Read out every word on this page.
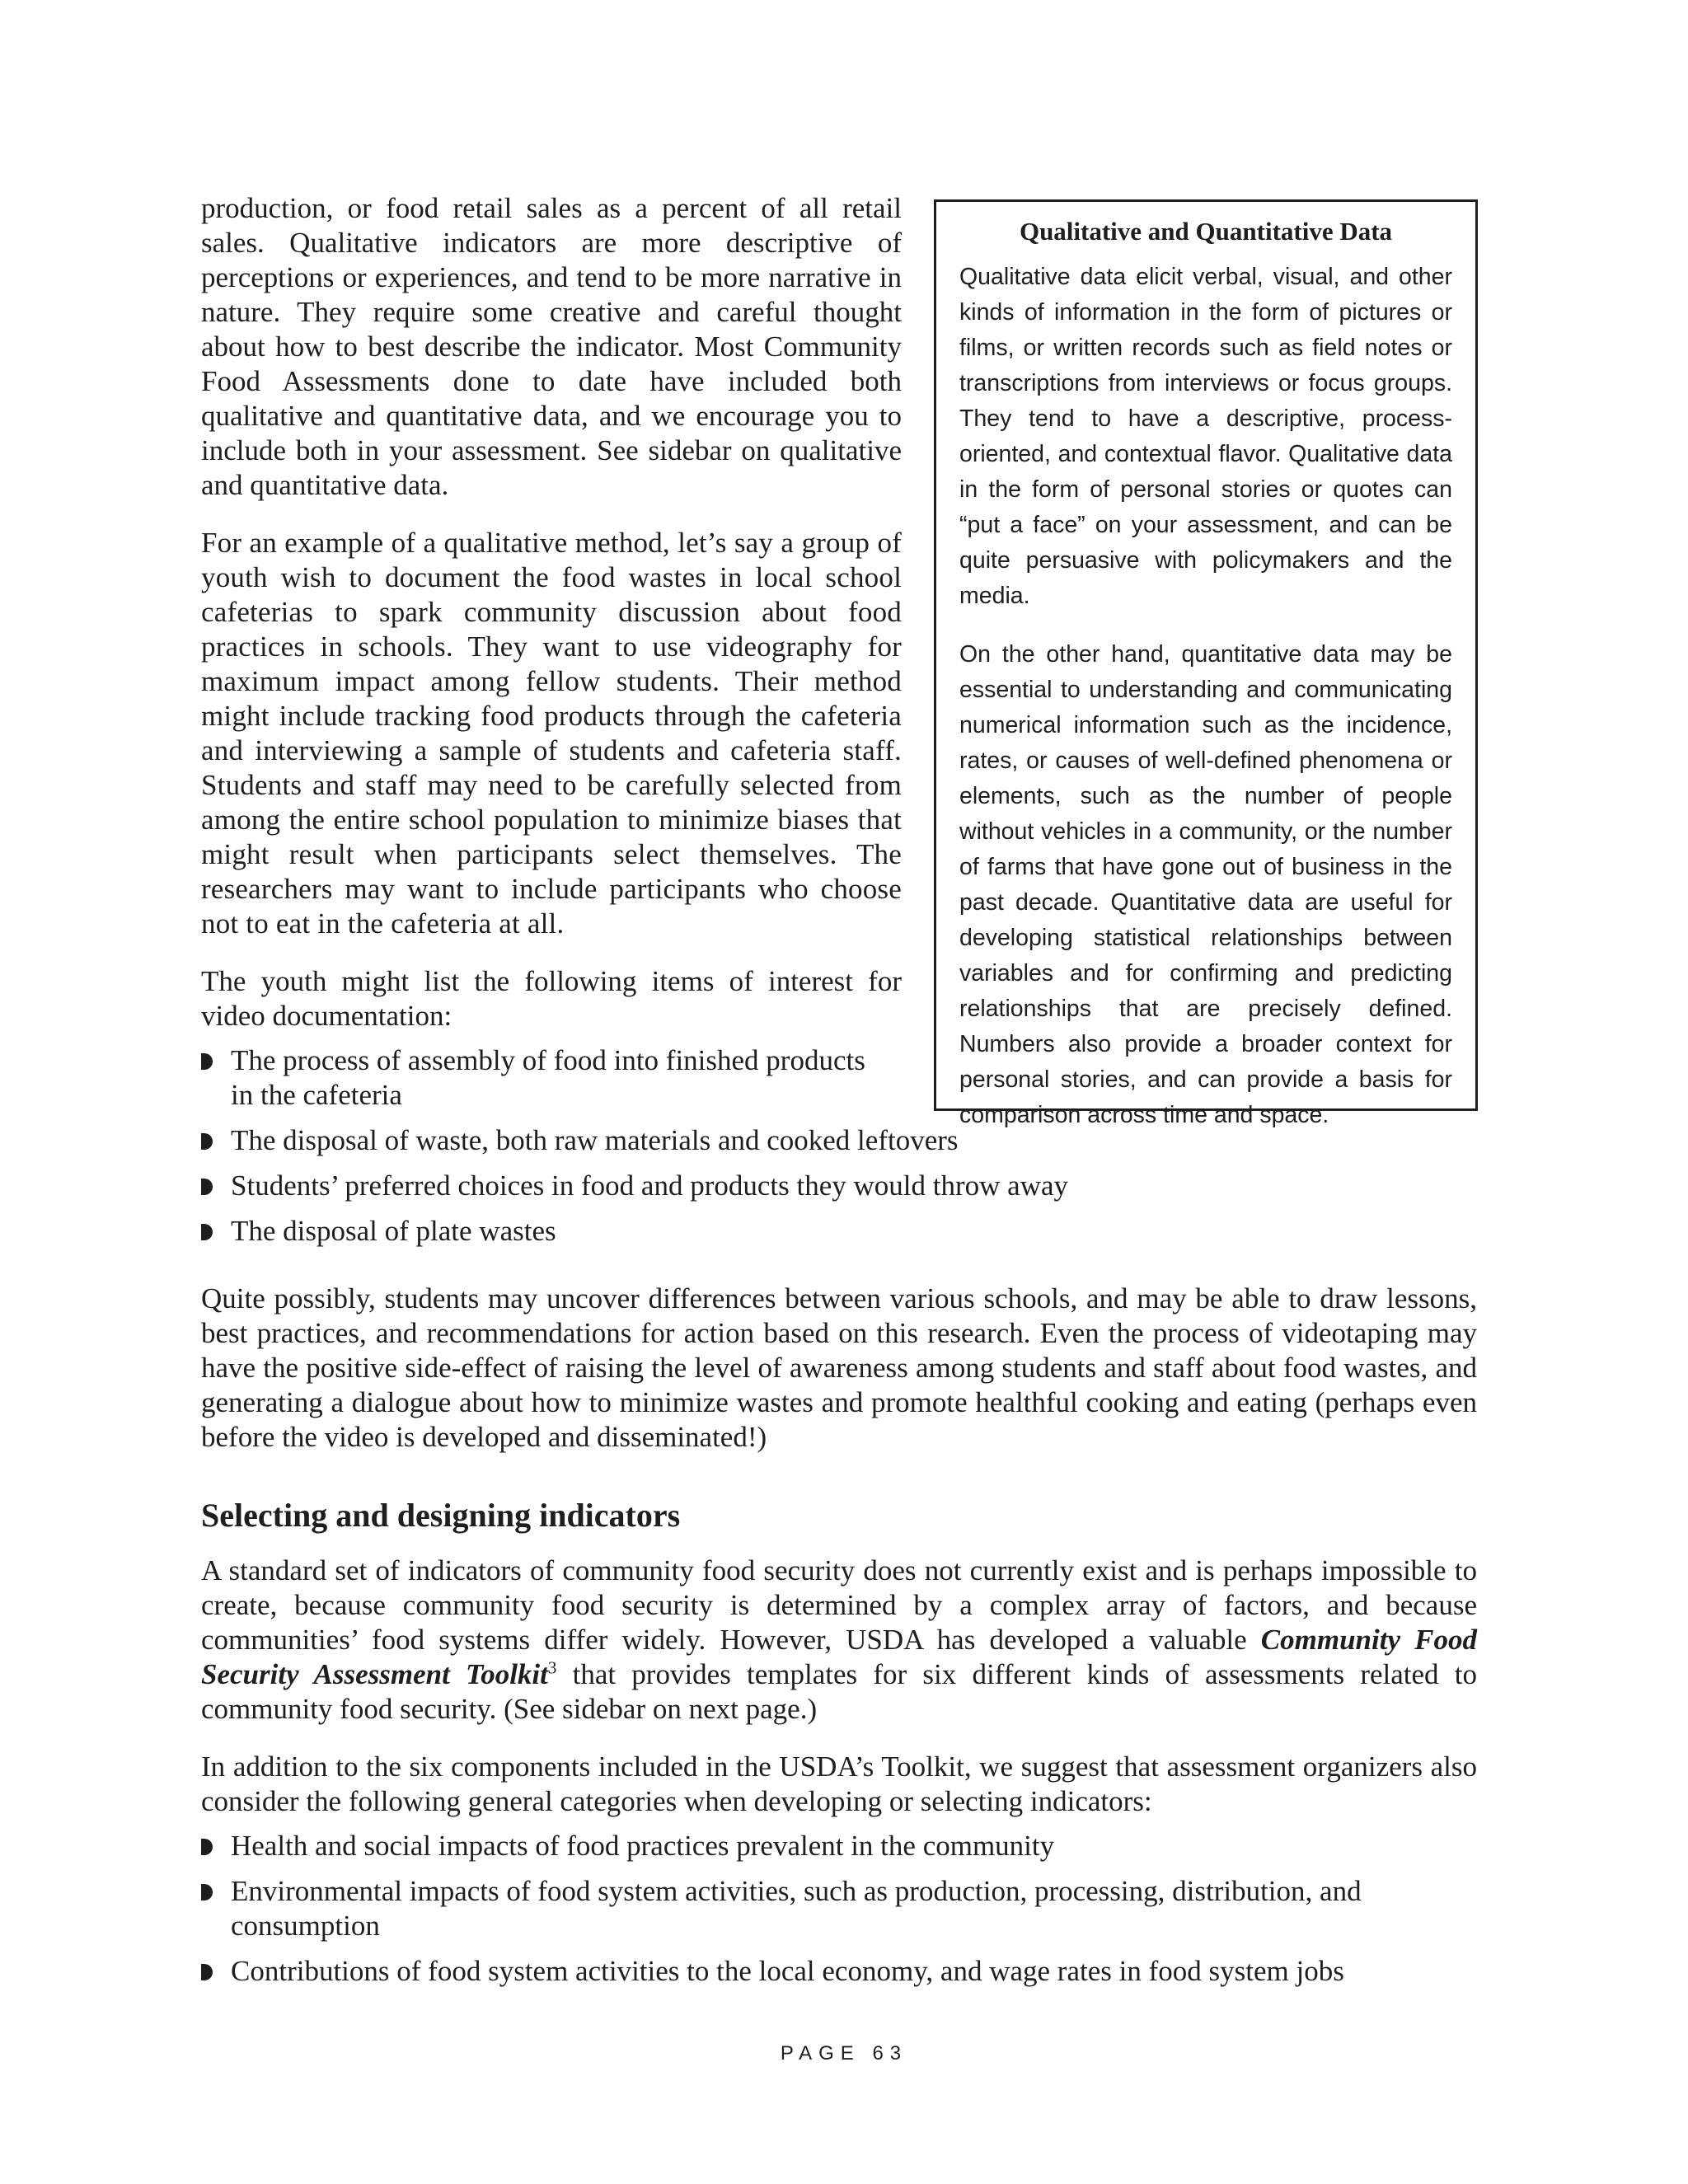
production, or food retail sales as a percent of all retail sales. Qualitative indicators are more descriptive of perceptions or experiences, and tend to be more narrative in nature. They require some creative and careful thought about how to best describe the indicator. Most Community Food Assessments done to date have included both qualitative and quantitative data, and we encourage you to include both in your assessment. See sidebar on qualitative and quantitative data.

For an example of a qualitative method, let’s say a group of youth wish to document the food wastes in local school cafeterias to spark community discussion about food practices in schools. They want to use videography for maximum impact among fellow students. Their method might include tracking food products through the cafeteria and interviewing a sample of students and cafeteria staff. Students and staff may need to be carefully selected from among the entire school population to minimize biases that might result when participants select themselves. The researchers may want to include participants who choose not to eat in the cafeteria at all.

The youth might list the following items of interest for video documentation:

The process of assembly of food into finished products in the cafeteria
The disposal of waste, both raw materials and cooked leftovers
Students’ preferred choices in food and products they would throw away
The disposal of plate wastes
Qualitative and Quantitative Data

Qualitative data elicit verbal, visual, and other kinds of information in the form of pictures or films, or written records such as field notes or transcriptions from interviews or focus groups. They tend to have a descriptive, process-oriented, and contextual flavor. Qualitative data in the form of personal stories or quotes can “put a face” on your assessment, and can be quite persuasive with policymakers and the media.

On the other hand, quantitative data may be essential to understanding and communicating numerical information such as the incidence, rates, or causes of well-defined phenomena or elements, such as the number of people without vehicles in a community, or the number of farms that have gone out of business in the past decade. Quantitative data are useful for developing statistical relationships between variables and for confirming and predicting relationships that are precisely defined. Numbers also provide a broader context for personal stories, and can provide a basis for comparison across time and space.

Quite possibly, students may uncover differences between various schools, and may be able to draw lessons, best practices, and recommendations for action based on this research. Even the process of videotaping may have the positive side-effect of raising the level of awareness among students and staff about food wastes, and generating a dialogue about how to minimize wastes and promote healthful cooking and eating (perhaps even before the video is developed and disseminated!)

Selecting and designing indicators

A standard set of indicators of community food security does not currently exist and is perhaps impossible to create, because community food security is determined by a complex array of factors, and because communities’ food systems differ widely. However, USDA has developed a valuable Community Food Security Assessment Toolkit$^3$ that provides templates for six different kinds of assessments related to community food security. (See sidebar on next page.)

In addition to the six components included in the USDA’s Toolkit, we suggest that assessment organizers also consider the following general categories when developing or selecting indicators:

Health and social impacts of food practices prevalent in the community
Environmental impacts of food system activities, such as production, processing, distribution, and consumption
Contributions of food system activities to the local economy, and wage rates in food system jobs
PAGE 63
